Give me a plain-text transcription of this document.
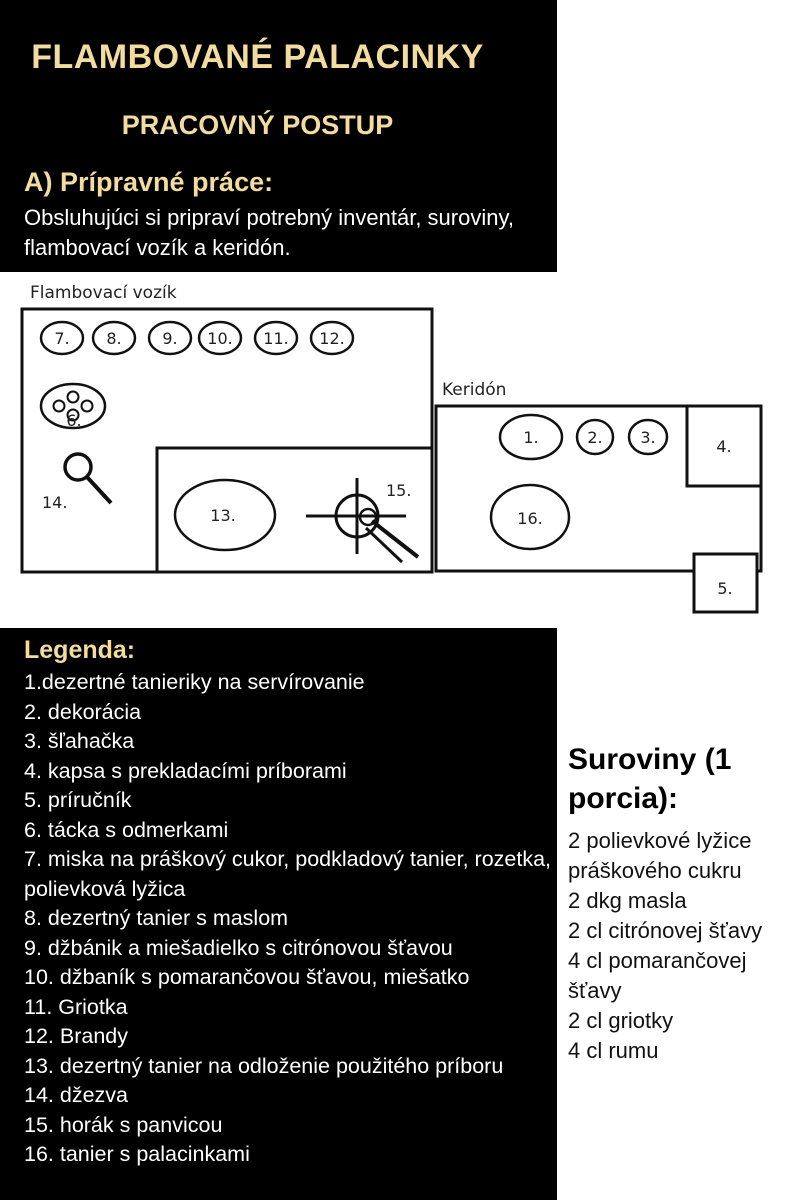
FLAMBOVANÉ PALACINKY
PRACOVNÝ POSTUP
A) Prípravné práce:
Obsluhujúci si pripraví potrebný inventár, suroviny, flambovací vozík a keridón.
Flambovací vozík
7. 8.	9. 10. 11. 12.
6.
14.
13.
15.
Keridón
4.
5.
1.	2. 3.
16.
Legenda:
1.dezertné tanieriky na servírovanie
2. dekorácia
3. šľahačka
4. kapsa s prekladacími príborami
5. príručník
6. tácka s odmerkami
7. miska na práškový cukor, podkladový tanier, rozetka, polievková lyžica
8. dezertný tanier s maslom
9. džbánik a miešadielko s citrónovou šťavou
10. džbaník s pomarančovou šťavou, miešatko
11. Griotka
12. Brandy
13. dezertný tanier na odloženie použitého príboru
14. džezva
15. horák s panvicou
16. tanier s palacinkami
Suroviny (1 porcia):
2 polievkové lyžice práškového cukru
2 dkg masla
2 cl citrónovej šťavy
4 cl pomarančovej šťavy
2 cl griotky
4 cl rumu
